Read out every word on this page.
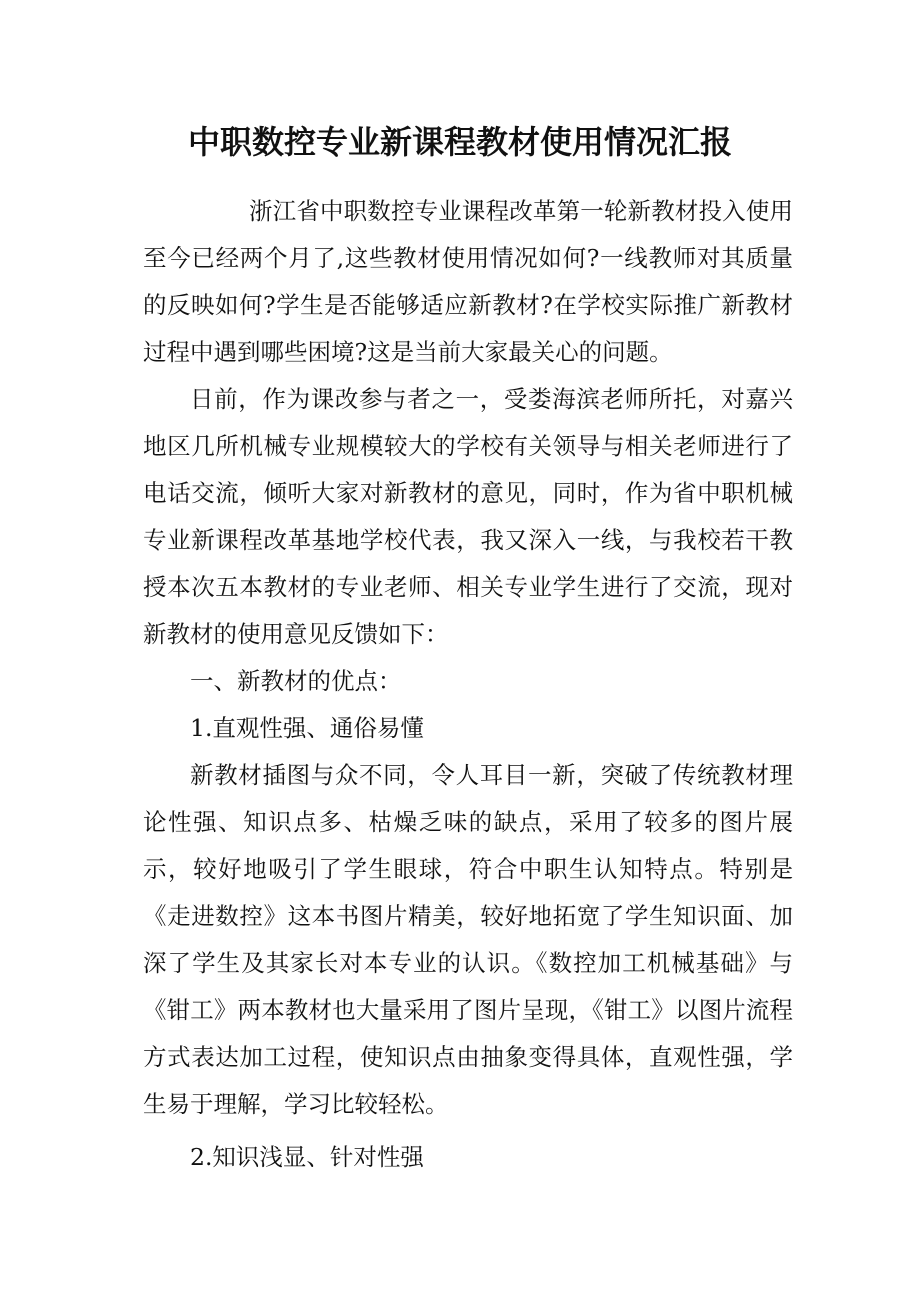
中职数控专业新课程教材使用情况汇报

浙江省中职数控专业课程改革第一轮新教材投入使用至今已经两个月了,这些教材使用情况如何?一线教师对其质量的反映如何?学生是否能够适应新教材?在学校实际推广新教材过程中遇到哪些困境?这是当前大家最关心的问题。

日前，作为课改参与者之一，受娄海滨老师所托，对嘉兴地区几所机械专业规模较大的学校有关领导与相关老师进行了电话交流，倾听大家对新教材的意见，同时，作为省中职机械专业新课程改革基地学校代表，我又深入一线，与我校若干教授本次五本教材的专业老师、相关专业学生进行了交流，现对新教材的使用意见反馈如下：

一、新教材的优点：

1.直观性强、通俗易懂

新教材插图与众不同，令人耳目一新，突破了传统教材理论性强、知识点多、枯燥乏味的缺点，采用了较多的图片展示，较好地吸引了学生眼球，符合中职生认知特点。特别是《走进数控》这本书图片精美，较好地拓宽了学生知识面、加深了学生及其家长对本专业的认识。《数控加工机械基础》与《钳工》两本教材也大量采用了图片呈现，《钳工》以图片流程方式表达加工过程，使知识点由抽象变得具体，直观性强，学生易于理解，学习比较轻松。

2.知识浅显、针对性强
